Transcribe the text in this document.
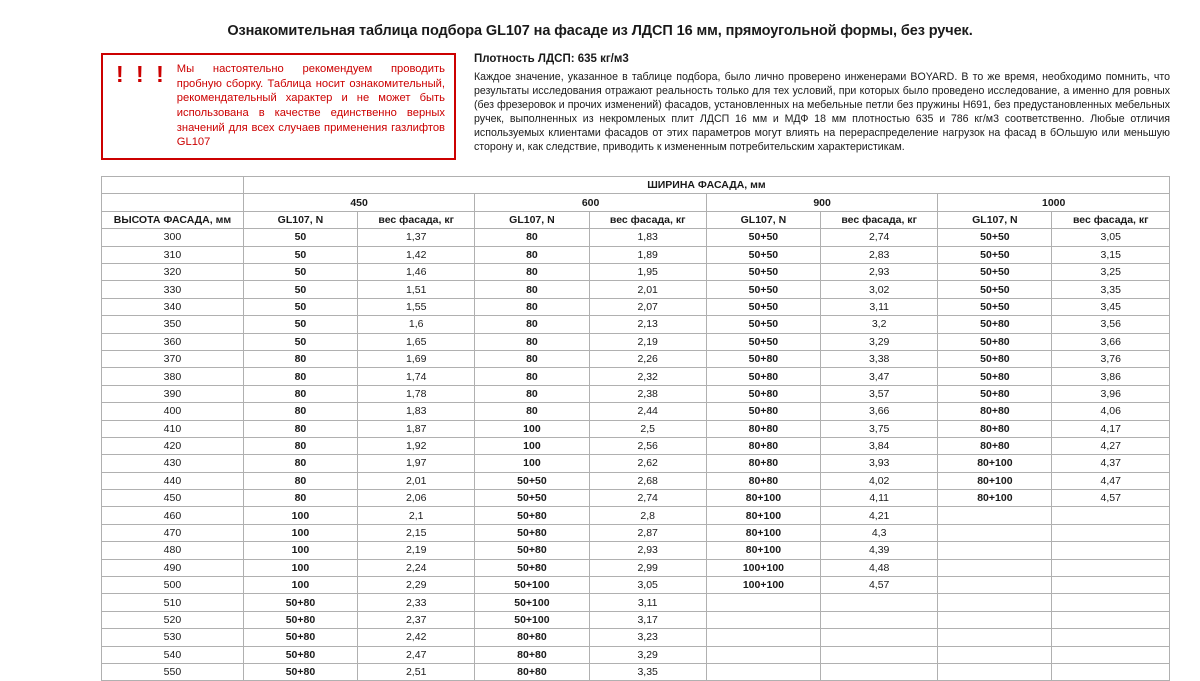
Ознакомительная таблица подбора GL107 на фасаде из ЛДСП 16 мм, прямоугольной формы, без ручек.
! ! ! Мы настоятельно рекомендуем проводить пробную сборку. Таблица носит ознакомительный, рекомендательный характер и не может быть использована в качестве единственно верных значений для всех случаев применения газлифтов GL107
Плотность ЛДСП: 635 кг/м3
Каждое значение, указанное в таблице подбора, было лично проверено инженерами BOYARD. В то же время, необходимо помнить, что результаты исследования отражают реальность только для тех условий, при которых было проведено исследование, а именно для ровных (без фрезеровок и прочих изменений) фасадов, установленных на мебельные петли без пружины Н691, без предустановленных мебельных ручек, выполненных из некромленых плит ЛДСП 16 мм и МДФ 18 мм плотностью 635 и 786 кг/м3 соответственно. Любые отличия используемых клиентами фасадов от этих параметров могут влиять на перераспределение нагрузок на фасад в бОльшую или меньшую сторону и, как следствие, приводить к измененным потребительским характеристикам.
	ШИРИНА ФАСАДА, мм							
	450		600		900		1000	
ВЫСОТА ФАСАДА, мм	GL107, N	вес фасада, кг	GL107, N	вес фасада, кг	GL107, N	вес фасада, кг	GL107, N	вес фасада, кг
300	50	1,37	80	1,83	50+50	2,74	50+50	3,05
310	50	1,42	80	1,89	50+50	2,83	50+50	3,15
320	50	1,46	80	1,95	50+50	2,93	50+50	3,25
330	50	1,51	80	2,01	50+50	3,02	50+50	3,35
340	50	1,55	80	2,07	50+50	3,11	50+50	3,45
350	50	1,6	80	2,13	50+50	3,2	50+80	3,56
360	50	1,65	80	2,19	50+50	3,29	50+80	3,66
370	80	1,69	80	2,26	50+80	3,38	50+80	3,76
380	80	1,74	80	2,32	50+80	3,47	50+80	3,86
390	80	1,78	80	2,38	50+80	3,57	50+80	3,96
400	80	1,83	80	2,44	50+80	3,66	80+80	4,06
410	80	1,87	100	2,5	80+80	3,75	80+80	4,17
420	80	1,92	100	2,56	80+80	3,84	80+80	4,27
430	80	1,97	100	2,62	80+80	3,93	80+100	4,37
440	80	2,01	50+50	2,68	80+80	4,02	80+100	4,47
450	80	2,06	50+50	2,74	80+100	4,11	80+100	4,57
460	100	2,1	50+80	2,8	80+100	4,21		
470	100	2,15	50+80	2,87	80+100	4,3		
480	100	2,19	50+80	2,93	80+100	4,39		
490	100	2,24	50+80	2,99	100+100	4,48		
500	100	2,29	50+100	3,05	100+100	4,57		
510	50+80	2,33	50+100	3,11				
520	50+80	2,37	50+100	3,17				
530	50+80	2,42	80+80	3,23				
540	50+80	2,47	80+80	3,29				
550	50+80	2,51	80+80	3,35				
